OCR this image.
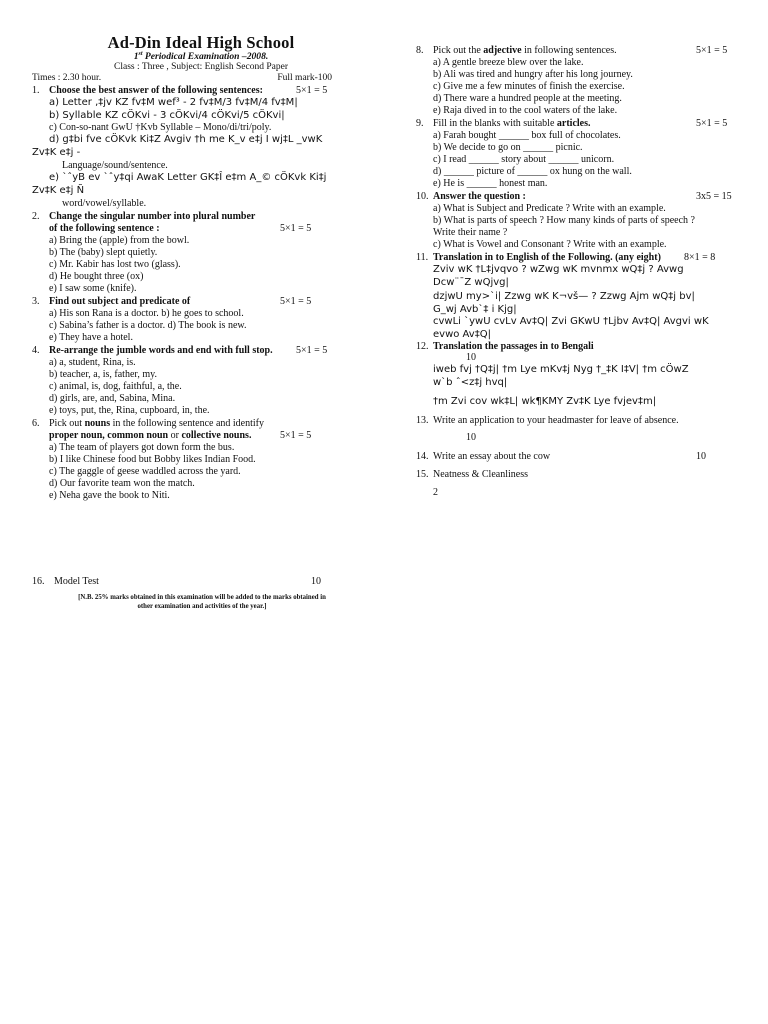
Ad-Din Ideal High School
1st Periodical Examination –2008.
Class : Three , Subject: English Second Paper
Times : 2.30 hour.	Full mark-100
1. Choose the best answer of the following sentences:	5×1 = 5
a) Letter ‚‡jv KZ fv‡M wef³ - 2 fv‡M/3 fv‡M/4 fv‡M|
b) Syllable KZ cÖKvi - 3 cÖKvi/4 cÖKvi/5 cÖKvi|
c) Con-so-nant GwU †Kvb Syllable – Mono/di/tri/poly.
d) g‡bi fve cÖKvk Ki‡Z Avgiv †h me K_v e‡j I wj‡L _vwK
Zv‡K e‡j -
Language/sound/sentence.
e) `ˆyB ev `ˆy‡qi AwaK Letter GK‡Î e‡m A_© cÖKvk Ki‡j
Zv‡K e‡j Ñ
word/vowel/syllable.
2. Change the singular number into plural number
of the following sentence :	5×1 = 5
a) Bring the (apple) from the bowl.
b) The (baby) slept quietly.
c) Mr. Kabir has lost two (glass).
d) He bought three (ox)
e) I saw some (knife).
3. Find out subject and predicate of	5×1 = 5
a) His son Rana is a doctor. b) he goes to school.
c) Sabina’s father is a doctor. d) The book is new.
e) They have a hotel.
4. Re-arrange the jumble words and end with full stop. 5×1 = 5
a) a, student, Rina, is.
b) teacher, a, is, father, my.
c) animal, is, dog, faithful, a, the.
d) girls, are, and, Sabina, Mina.
e) toys, put, the, Rina, cupboard, in, the.
6. Pick out nouns in the following sentence and identify
proper noun, common noun or collective nouns.	5×1 = 5
a) The team of players got down form the bus.
b) I like Chinese food but Bobby likes Indian Food.
c) The gaggle of geese waddled across the yard.
d) Our favorite team won the match.
e) Neha gave the book to Niti.
16. Model Test	10
[N.B. 25% marks obtained in this examination will be added to the marks obtained in
other examination and activities of the year.]
8. Pick out the adjective in following sentences.	5×1 = 5
a) A gentle breeze blew over the lake.
b) Ali was tired and hungry after his long journey.
c) Give me a few minutes of finish the exercise.
d) There ware a hundred people at the meeting.
e) Raja dived in to the cool waters of the lake.
9. Fill in the blanks with suitable articles.	5×1 = 5
a) Farah bought ______ box full of chocolates.
b) We decide to go on ______ picnic.
c) I read ______ story about ______ unicorn.
d) ______ picture of ______ ox hung on the wall.
e) He is ______ honest man.
10. Answer the question :	3x5 = 15
a) What is Subject and Predicate ? Write with an example.
b) What is parts of speech ? How many kinds of parts of speech ?
Write their name ?
c) What is Vowel and Consonant ? Write with an example.
11. Translation in to English of the Following. (any eight) 8×1 = 8
Zviv wK †L‡jvqvo ? wZwg wK mvnmx wQ‡j ? Avwg
Dcw¨¯Z wQjvg|
dzjwU my>`i| Zzwg wK K¬vš— ? Zzwg Ajm wQ‡j bv|
G_wj Avb`‡ i Kjg|
cvwLi `ywU cvLv Av‡Q| Zvi GKwU †Ljbv Av‡Q| Avgvi wK
evwo Av‡Q|
12. Translation the passages in to Bengali
10
iweb fvj †Q‡j| †m Lye mKv‡j Nyg †_‡K I‡V| †m cÖwZ
w`b ˆ<z‡j hvq|
†m Zvi cov wk‡L| wk¶KMY Zv‡K Lye fvjev‡m|
13. Write an application to your headmaster for leave of absence.
10
14. Write an essay about the cow	10
15. Neatness & Cleanliness
2
